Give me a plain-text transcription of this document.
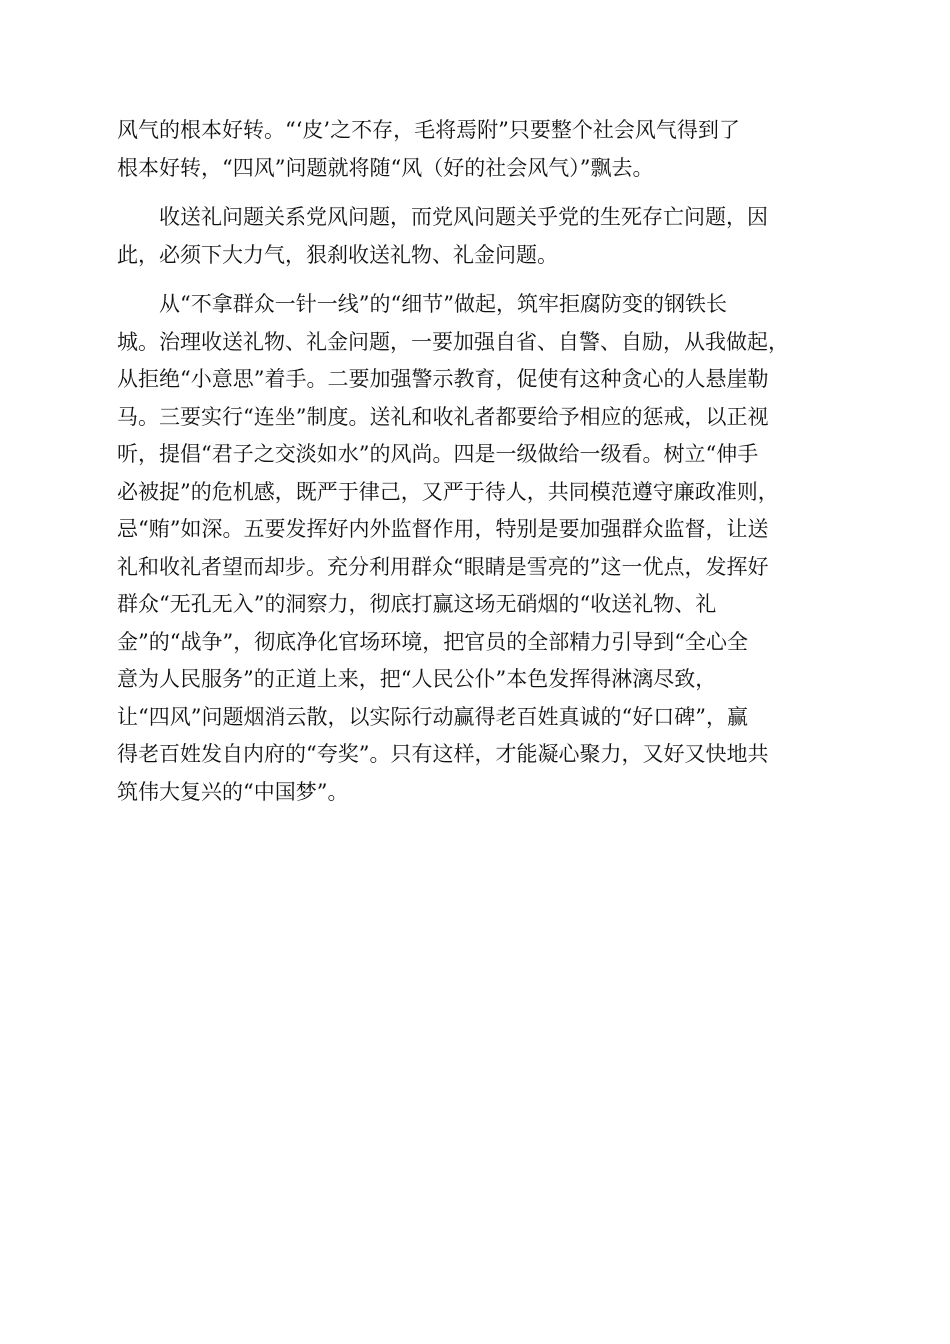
风气的根本好转。“‘皮’之不存，毛将焉附”只要整个社会风气得到了
根本好转，“四风”问题就将随“风（好的社会风气）”飘去。
　　收送礼问题关系党风问题，而党风问题关乎党的生死存亡问题，因
此，必须下大力气，狠刹收送礼物、礼金问题。
　　从“不拿群众一针一线”的“细节”做起，筑牢拒腐防变的钢铁长
城。治理收送礼物、礼金问题，一要加强自省、自警、自励，从我做起，
从拒绝“小意思”着手。二要加强警示教育，促使有这种贪心的人悬崖勒
马。三要实行“连坐”制度。送礼和收礼者都要给予相应的惩戒，以正视
听，提倡“君子之交淡如水”的风尚。四是一级做给一级看。树立“伸手
必被捉”的危机感，既严于律己，又严于待人，共同模范遵守廉政准则，
忌“贿”如深。五要发挥好内外监督作用，特别是要加强群众监督，让送
礼和收礼者望而却步。充分利用群众“眼睛是雪亮的”这一优点，发挥好
群众“无孔无入”的洞察力，彻底打赢这场无硝烟的“收送礼物、礼
金”的“战争”，彻底净化官场环境，把官员的全部精力引导到“全心全
意为人民服务”的正道上来，把“人民公仆”本色发挥得淋漓尽致，
让“四风”问题烟消云散，以实际行动赢得老百姓真诚的“好口碑”，赢
得老百姓发自内府的“夸奖”。只有这样，才能凝心聚力，又好又快地共
筑伟大复兴的“中国梦”。
